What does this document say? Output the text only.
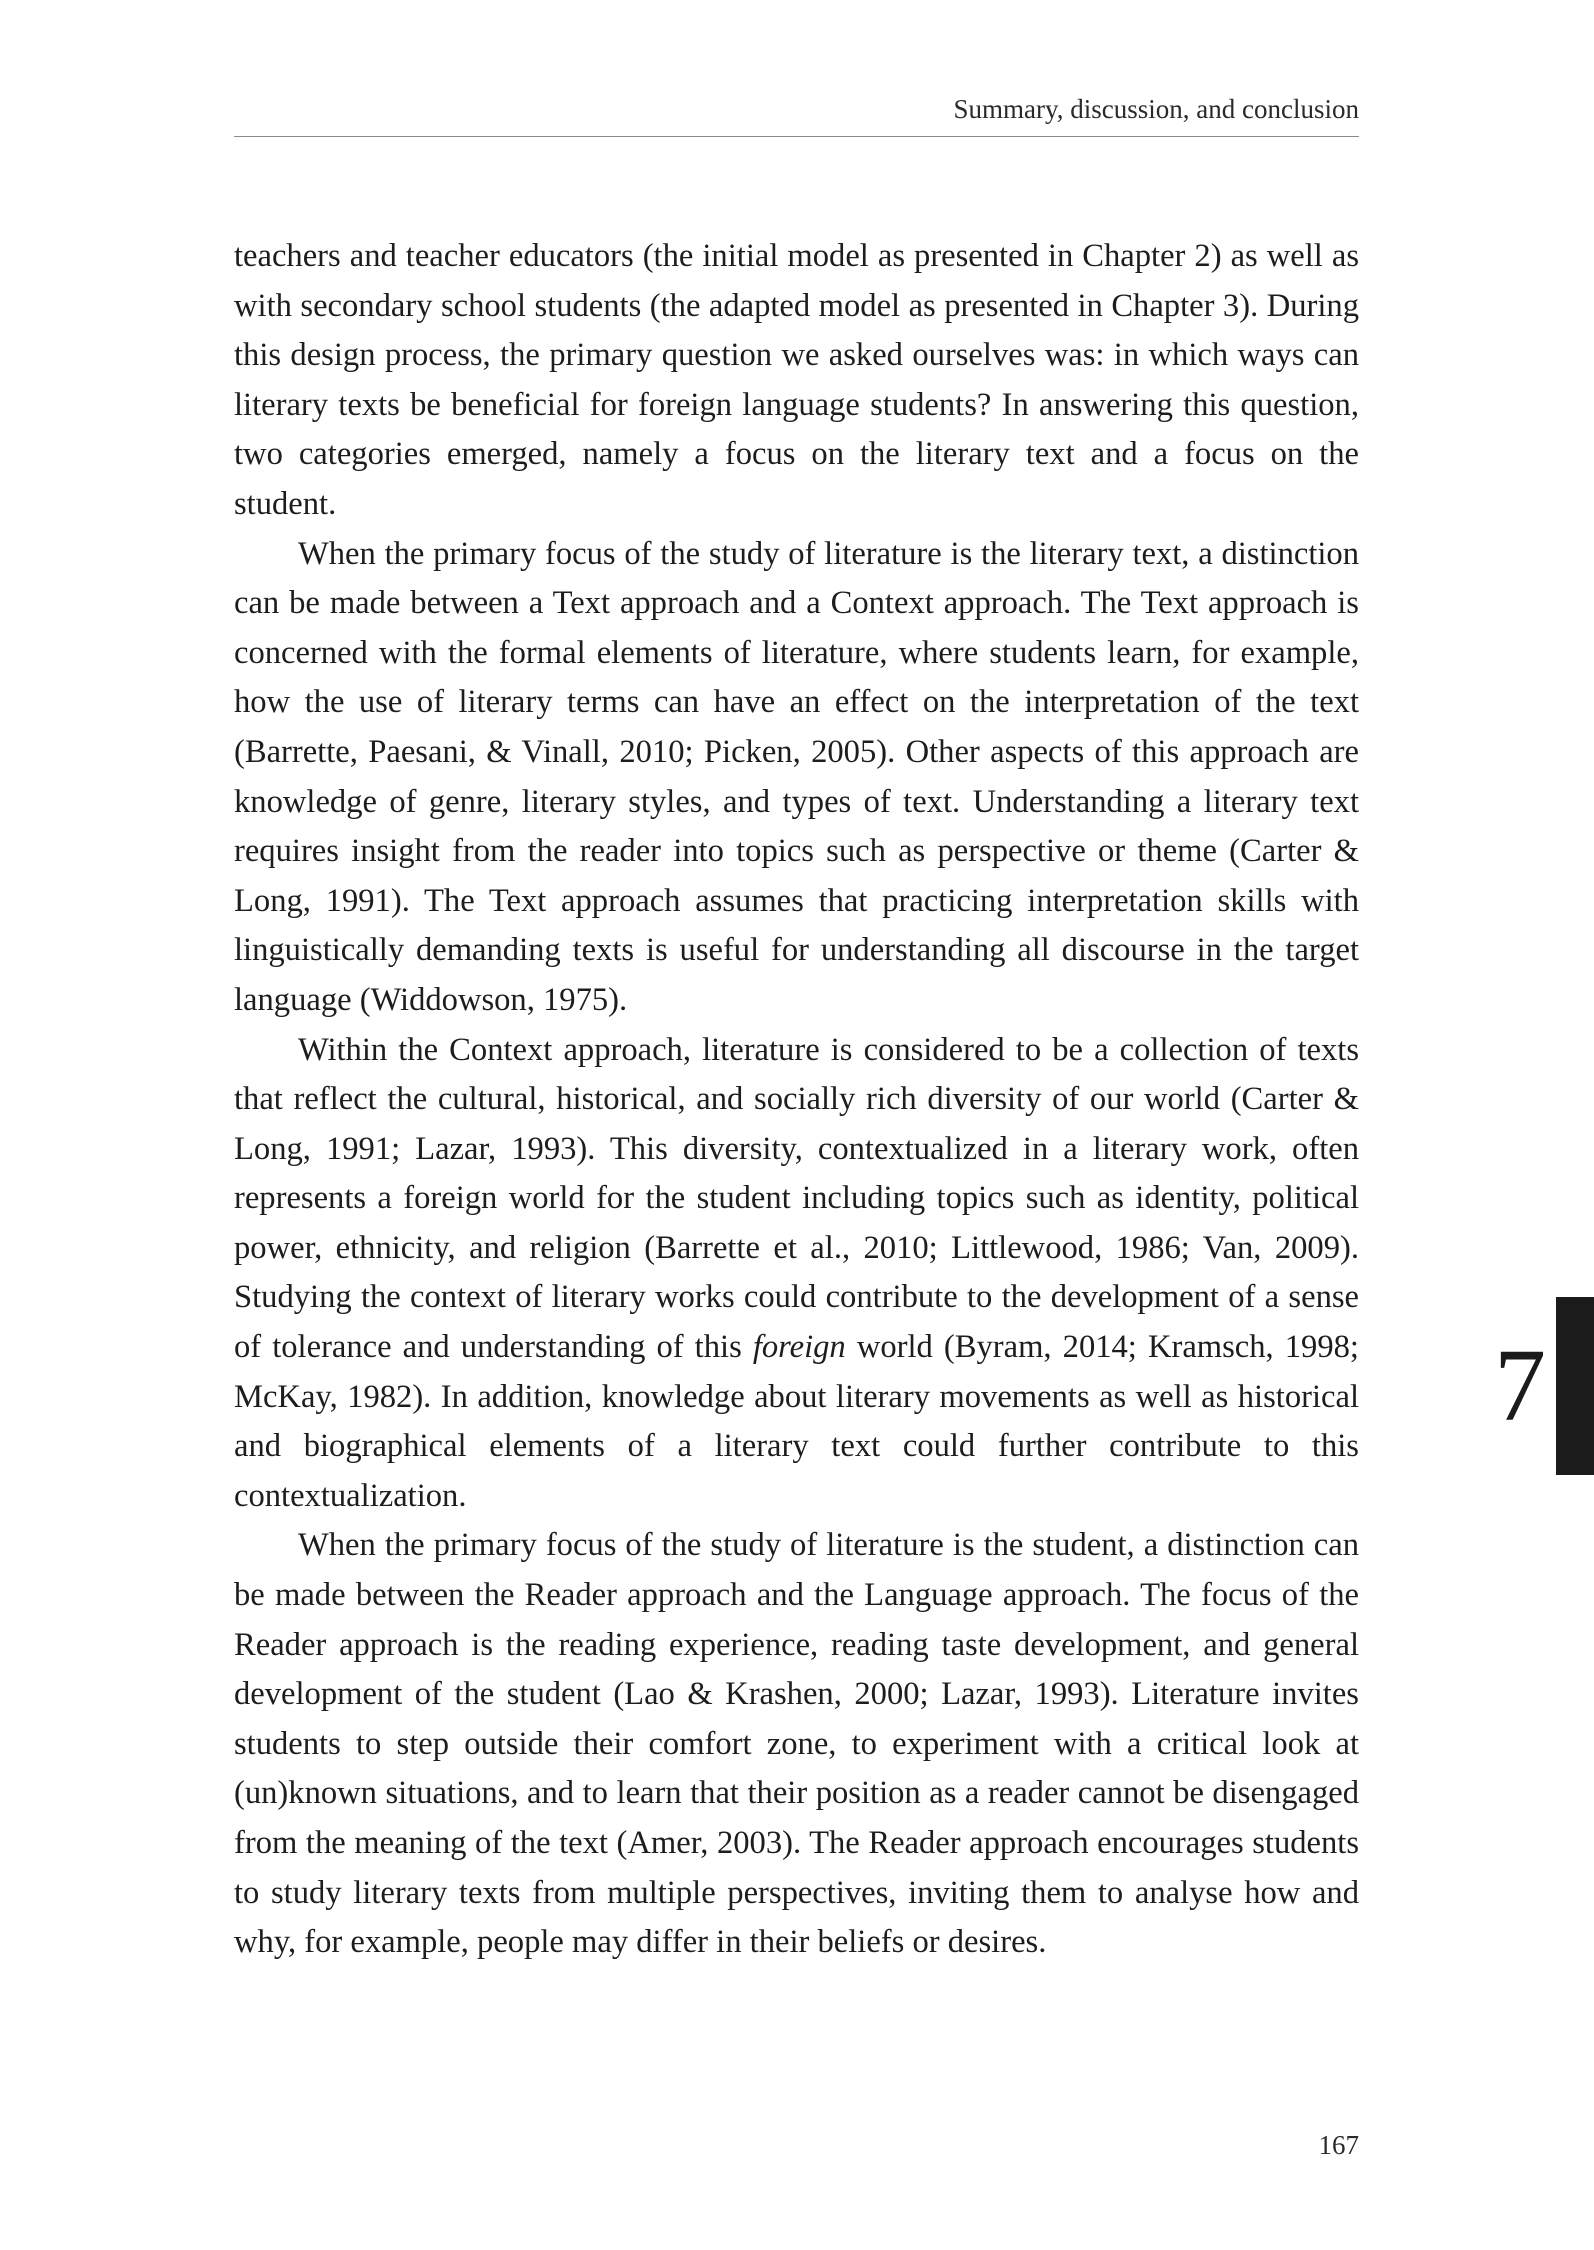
Summary, discussion, and conclusion

teachers and teacher educators (the initial model as presented in Chapter 2) as well as with secondary school students (the adapted model as presented in Chapter 3). During this design process, the primary question we asked ourselves was: in which ways can literary texts be beneficial for foreign language students? In answering this question, two categories emerged, namely a focus on the literary text and a focus on the student.

When the primary focus of the study of literature is the literary text, a distinction can be made between a Text approach and a Context approach. The Text approach is concerned with the formal elements of literature, where students learn, for example, how the use of literary terms can have an effect on the interpretation of the text (Barrette, Paesani, & Vinall, 2010; Picken, 2005). Other aspects of this approach are knowledge of genre, literary styles, and types of text. Understanding a literary text requires insight from the reader into topics such as perspective or theme (Carter & Long, 1991). The Text approach assumes that practicing interpretation skills with linguistically demanding texts is useful for understanding all discourse in the target language (Widdowson, 1975).

Within the Context approach, literature is considered to be a collection of texts that reflect the cultural, historical, and socially rich diversity of our world (Carter & Long, 1991; Lazar, 1993). This diversity, contextualized in a literary work, often represents a foreign world for the student including topics such as identity, political power, ethnicity, and religion (Barrette et al., 2010; Littlewood, 1986; Van, 2009). Studying the context of literary works could contribute to the development of a sense of tolerance and understanding of this foreign world (Byram, 2014; Kramsch, 1998; McKay, 1982). In addition, knowledge about literary movements as well as historical and biographical elements of a literary text could further contribute to this contextualization.

When the primary focus of the study of literature is the student, a distinction can be made between the Reader approach and the Language approach. The focus of the Reader approach is the reading experience, reading taste development, and general development of the student (Lao & Krashen, 2000; Lazar, 1993). Literature invites students to step outside their comfort zone, to experiment with a critical look at (un)known situations, and to learn that their position as a reader cannot be disengaged from the meaning of the text (Amer, 2003). The Reader approach encourages students to study literary texts from multiple perspectives, inviting them to analyse how and why, for example, people may differ in their beliefs or desires.

7
167
